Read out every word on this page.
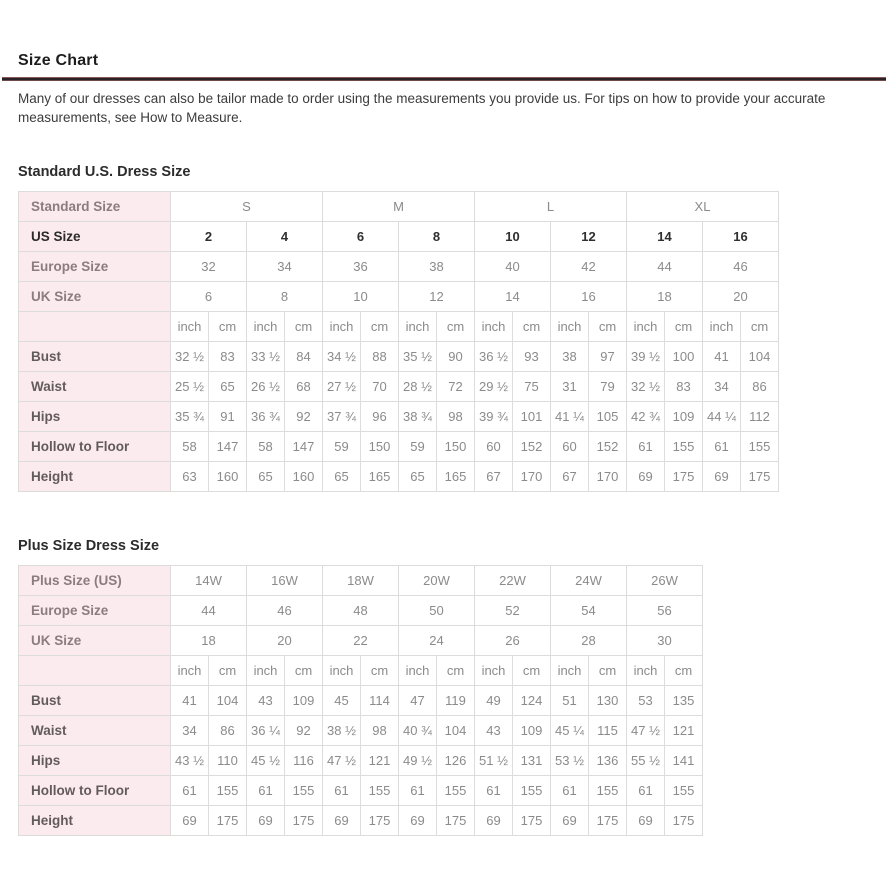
Size Chart

Many of our dresses can also be tailor made to order using the measurements you provide us. For tips on how to provide your accurate measurements, see How to Measure.

Standard U.S. Dress Size
Standard Size	S				M				L				XL			
US Size	2		4		6		8		10		12		14		16	
Europe Size	32		34		36		38		40		42		44		46	
UK Size	6		8		10		12		14		16		18		20	
	inch	cm	inch	cm	inch	cm	inch	cm	inch	cm	inch	cm	inch	cm	inch	cm
Bust	32 ½	83	33 ½	84	34 ½	88	35 ½	90	36 ½	93	38	97	39 ½	100	41	104
Waist	25 ½	65	26 ½	68	27 ½	70	28 ½	72	29 ½	75	31	79	32 ½	83	34	86
Hips	35 ¾	91	36 ¾	92	37 ¾	96	38 ¾	98	39 ¾	101	41 ¼	105	42 ¾	109	44 ¼	112
Hollow to Floor	58	147	58	147	59	150	59	150	60	152	60	152	61	155	61	155
Height	63	160	65	160	65	165	65	165	67	170	67	170	69	175	69	175
Plus Size Dress Size
Plus Size (US)	14W		16W		18W		20W		22W		24W		26W	
Europe Size	44		46		48		50		52		54		56	
UK Size	18		20		22		24		26		28		30	
	inch	cm	inch	cm	inch	cm	inch	cm	inch	cm	inch	cm	inch	cm
Bust	41	104	43	109	45	114	47	119	49	124	51	130	53	135
Waist	34	86	36 ¼	92	38 ½	98	40 ¾	104	43	109	45 ¼	115	47 ½	121
Hips	43 ½	110	45 ½	116	47 ½	121	49 ½	126	51 ½	131	53 ½	136	55 ½	141
Hollow to Floor	61	155	61	155	61	155	61	155	61	155	61	155	61	155
Height	69	175	69	175	69	175	69	175	69	175	69	175	69	175
